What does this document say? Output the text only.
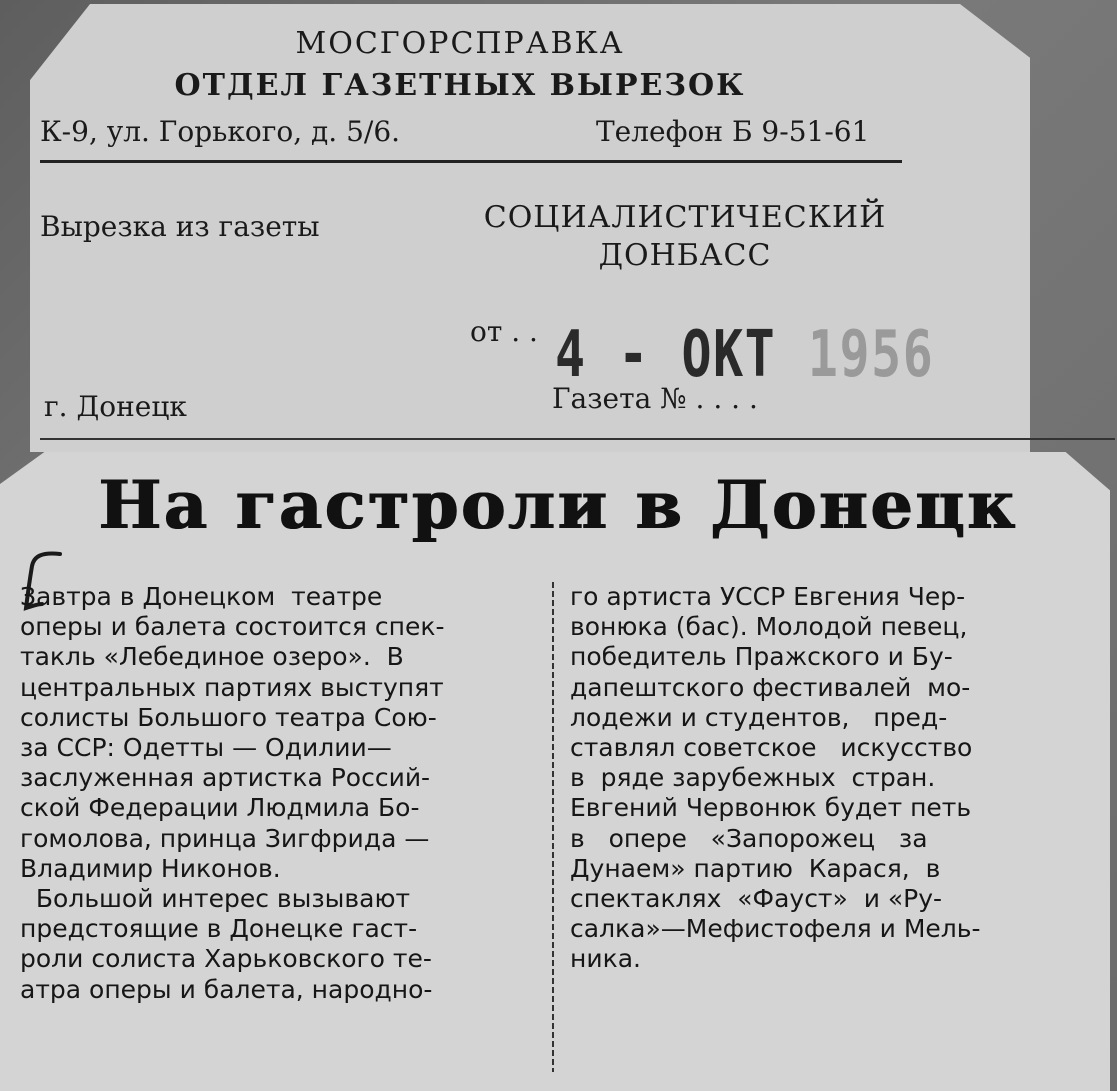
МОСГОРСПРАВКА
ОТДЕЛ ГАЗЕТНЫХ ВЫРЕЗОК
К-9, ул. Горького, д. 5/6.	Телефон Б 9-51-61
Вырезка из газеты	СОЦИАЛИСТИЧЕСКИЙ
ДОНБАСС
от . . 4 - ОКТ 1956
г. Донецк	Газета № . . . .
На гастроли в Донецк
Завтра в Донецком  театре
оперы и балета состоится спек-
такль «Лебединое озеро».  В
центральных партиях выступят
солисты Большого театра Сою-
за ССР: Одетты — Одилии—
заслуженная артистка Россий-
ской Федерации Людмила Бо-
гомолова, принца Зигфрида —
Владимир Никонов.
Большой интерес вызывают
предстоящие в Донецке гаст-
роли солиста Харьковского те-
атра оперы и балета, народно-
го артиста УССР Евгения Чер-
вонюка (бас). Молодой певец,
победитель Пражского и Бу-
дапештского фестивалей  мо-
лодежи и студентов,   пред-
ставлял советское   искусство
в  ряде зарубежных  стран.
Евгений Червонюк будет петь
в   опере   «Запорожец   за
Дунаем» партию  Карася,  в
спектаклях  «Фауст»  и «Ру-
салка»—Мефистофеля и Мель-
ника.
